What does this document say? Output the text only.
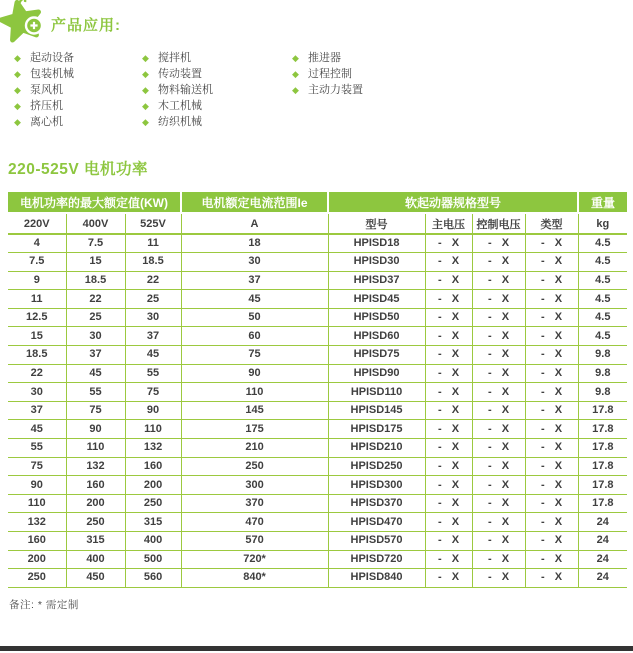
产品应用:
◆ 起动设备
◆ 包装机械
◆ 泵风机
◆ 挤压机
◆ 离心机
◆ 搅拌机
◆ 传动装置
◆ 物料输送机
◆ 木工机械
◆ 纺织机械
◆ 推进器
◆ 过程控制
◆ 主动力装置
220-525V 电机功率
电机功率的最大额定值(KW)			电机额定电流范围Ie	软起动器规格型号				重量
220V	400V	525V	A	型号	主电压	控制电压	类型	kg
4	7.5	11	18	HPISD18	- X	- X	- X	4.5
7.5	15	18.5	30	HPISD30	- X	- X	- X	4.5
9	18.5	22	37	HPISD37	- X	- X	- X	4.5
11	22	25	45	HPISD45	- X	- X	- X	4.5
12.5	25	30	50	HPISD50	- X	- X	- X	4.5
15	30	37	60	HPISD60	- X	- X	- X	4.5
18.5	37	45	75	HPISD75	- X	- X	- X	9.8
22	45	55	90	HPISD90	- X	- X	- X	9.8
30	55	75	110	HPISD110	- X	- X	- X	9.8
37	75	90	145	HPISD145	- X	- X	- X	17.8
45	90	110	175	HPISD175	- X	- X	- X	17.8
55	110	132	210	HPISD210	- X	- X	- X	17.8
75	132	160	250	HPISD250	- X	- X	- X	17.8
90	160	200	300	HPISD300	- X	- X	- X	17.8
110	200	250	370	HPISD370	- X	- X	- X	17.8
132	250	315	470	HPISD470	- X	- X	- X	24
160	315	400	570	HPISD570	- X	- X	- X	24
200	400	500	720*	HPISD720	- X	- X	- X	24
250	450	560	840*	HPISD840	- X	- X	- X	24
备注: * 需定制
